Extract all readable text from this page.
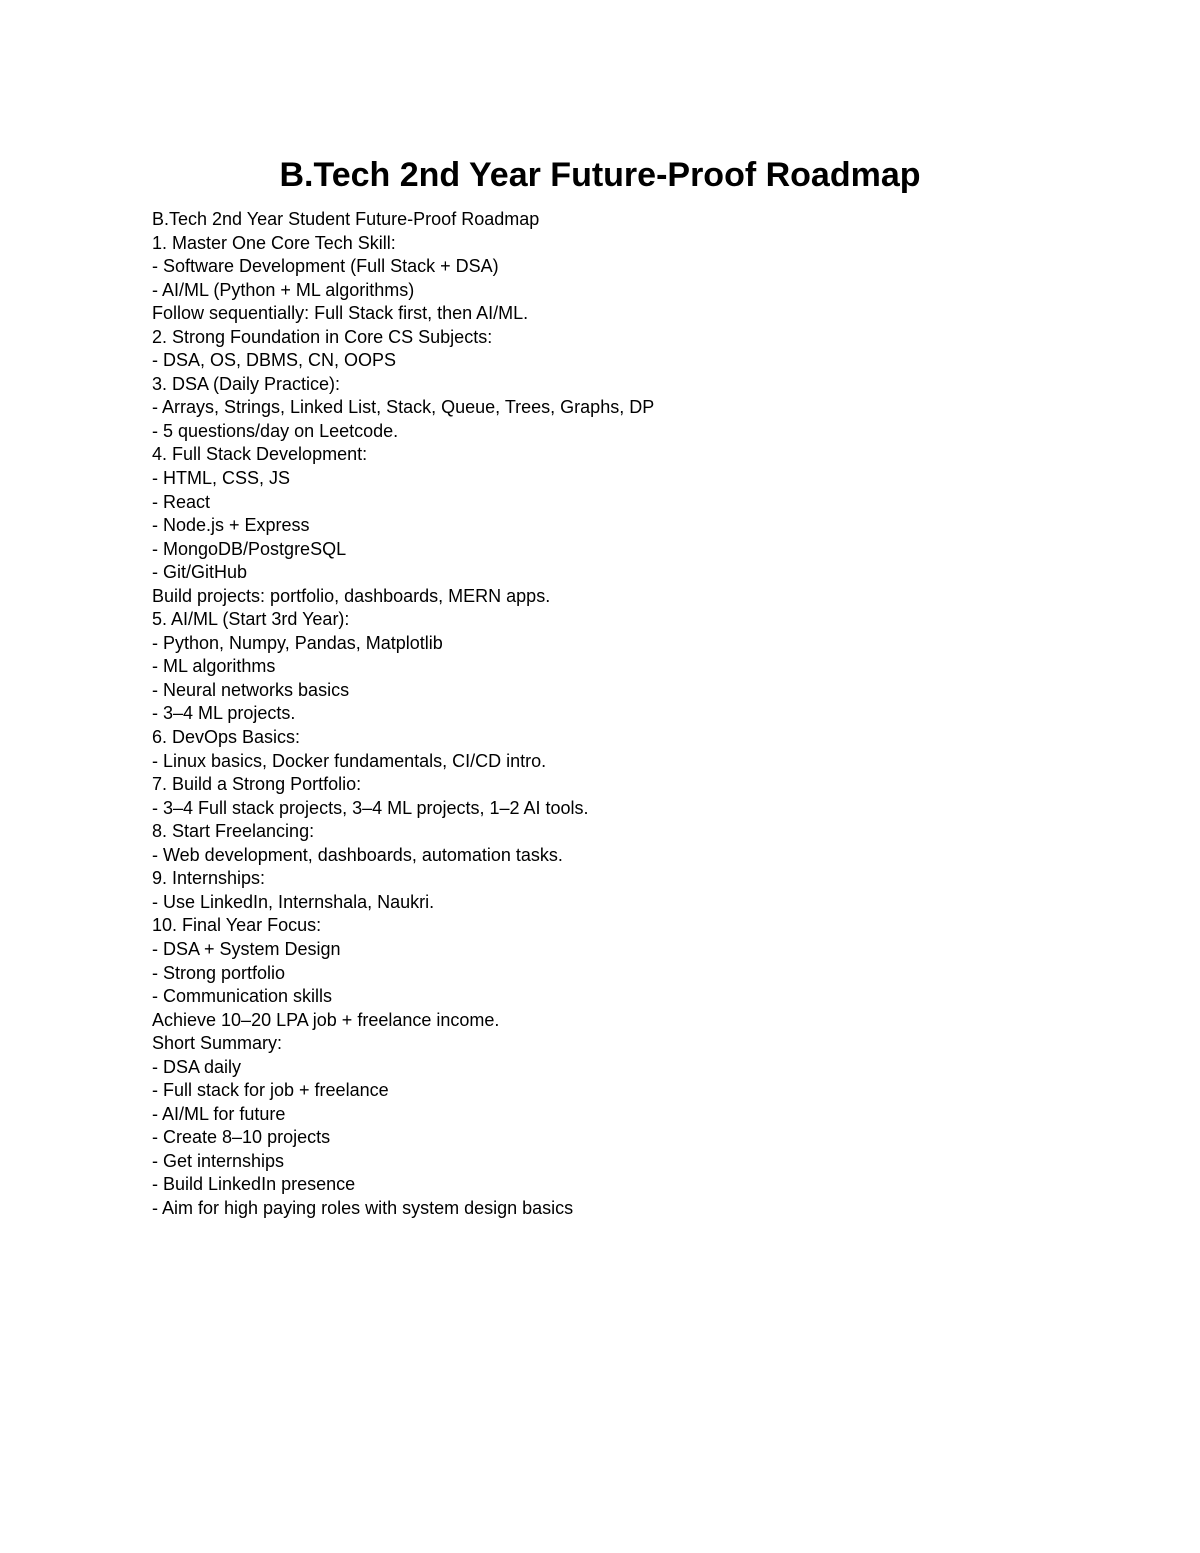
B.Tech 2nd Year Future-Proof Roadmap
B.Tech 2nd Year Student Future-Proof Roadmap
1. Master One Core Tech Skill:
- Software Development (Full Stack + DSA)
- AI/ML (Python + ML algorithms)
Follow sequentially: Full Stack first, then AI/ML.
2. Strong Foundation in Core CS Subjects:
- DSA, OS, DBMS, CN, OOPS
3. DSA (Daily Practice):
- Arrays, Strings, Linked List, Stack, Queue, Trees, Graphs, DP
- 5 questions/day on Leetcode.
4. Full Stack Development:
- HTML, CSS, JS
- React
- Node.js + Express
- MongoDB/PostgreSQL
- Git/GitHub
Build projects: portfolio, dashboards, MERN apps.
5. AI/ML (Start 3rd Year):
- Python, Numpy, Pandas, Matplotlib
- ML algorithms
- Neural networks basics
- 3–4 ML projects.
6. DevOps Basics:
- Linux basics, Docker fundamentals, CI/CD intro.
7. Build a Strong Portfolio:
- 3–4 Full stack projects, 3–4 ML projects, 1–2 AI tools.
8. Start Freelancing:
- Web development, dashboards, automation tasks.
9. Internships:
- Use LinkedIn, Internshala, Naukri.
10. Final Year Focus:
- DSA + System Design
- Strong portfolio
- Communication skills
Achieve 10–20 LPA job + freelance income.
Short Summary:
- DSA daily
- Full stack for job + freelance
- AI/ML for future
- Create 8–10 projects
- Get internships
- Build LinkedIn presence
- Aim for high paying roles with system design basics
